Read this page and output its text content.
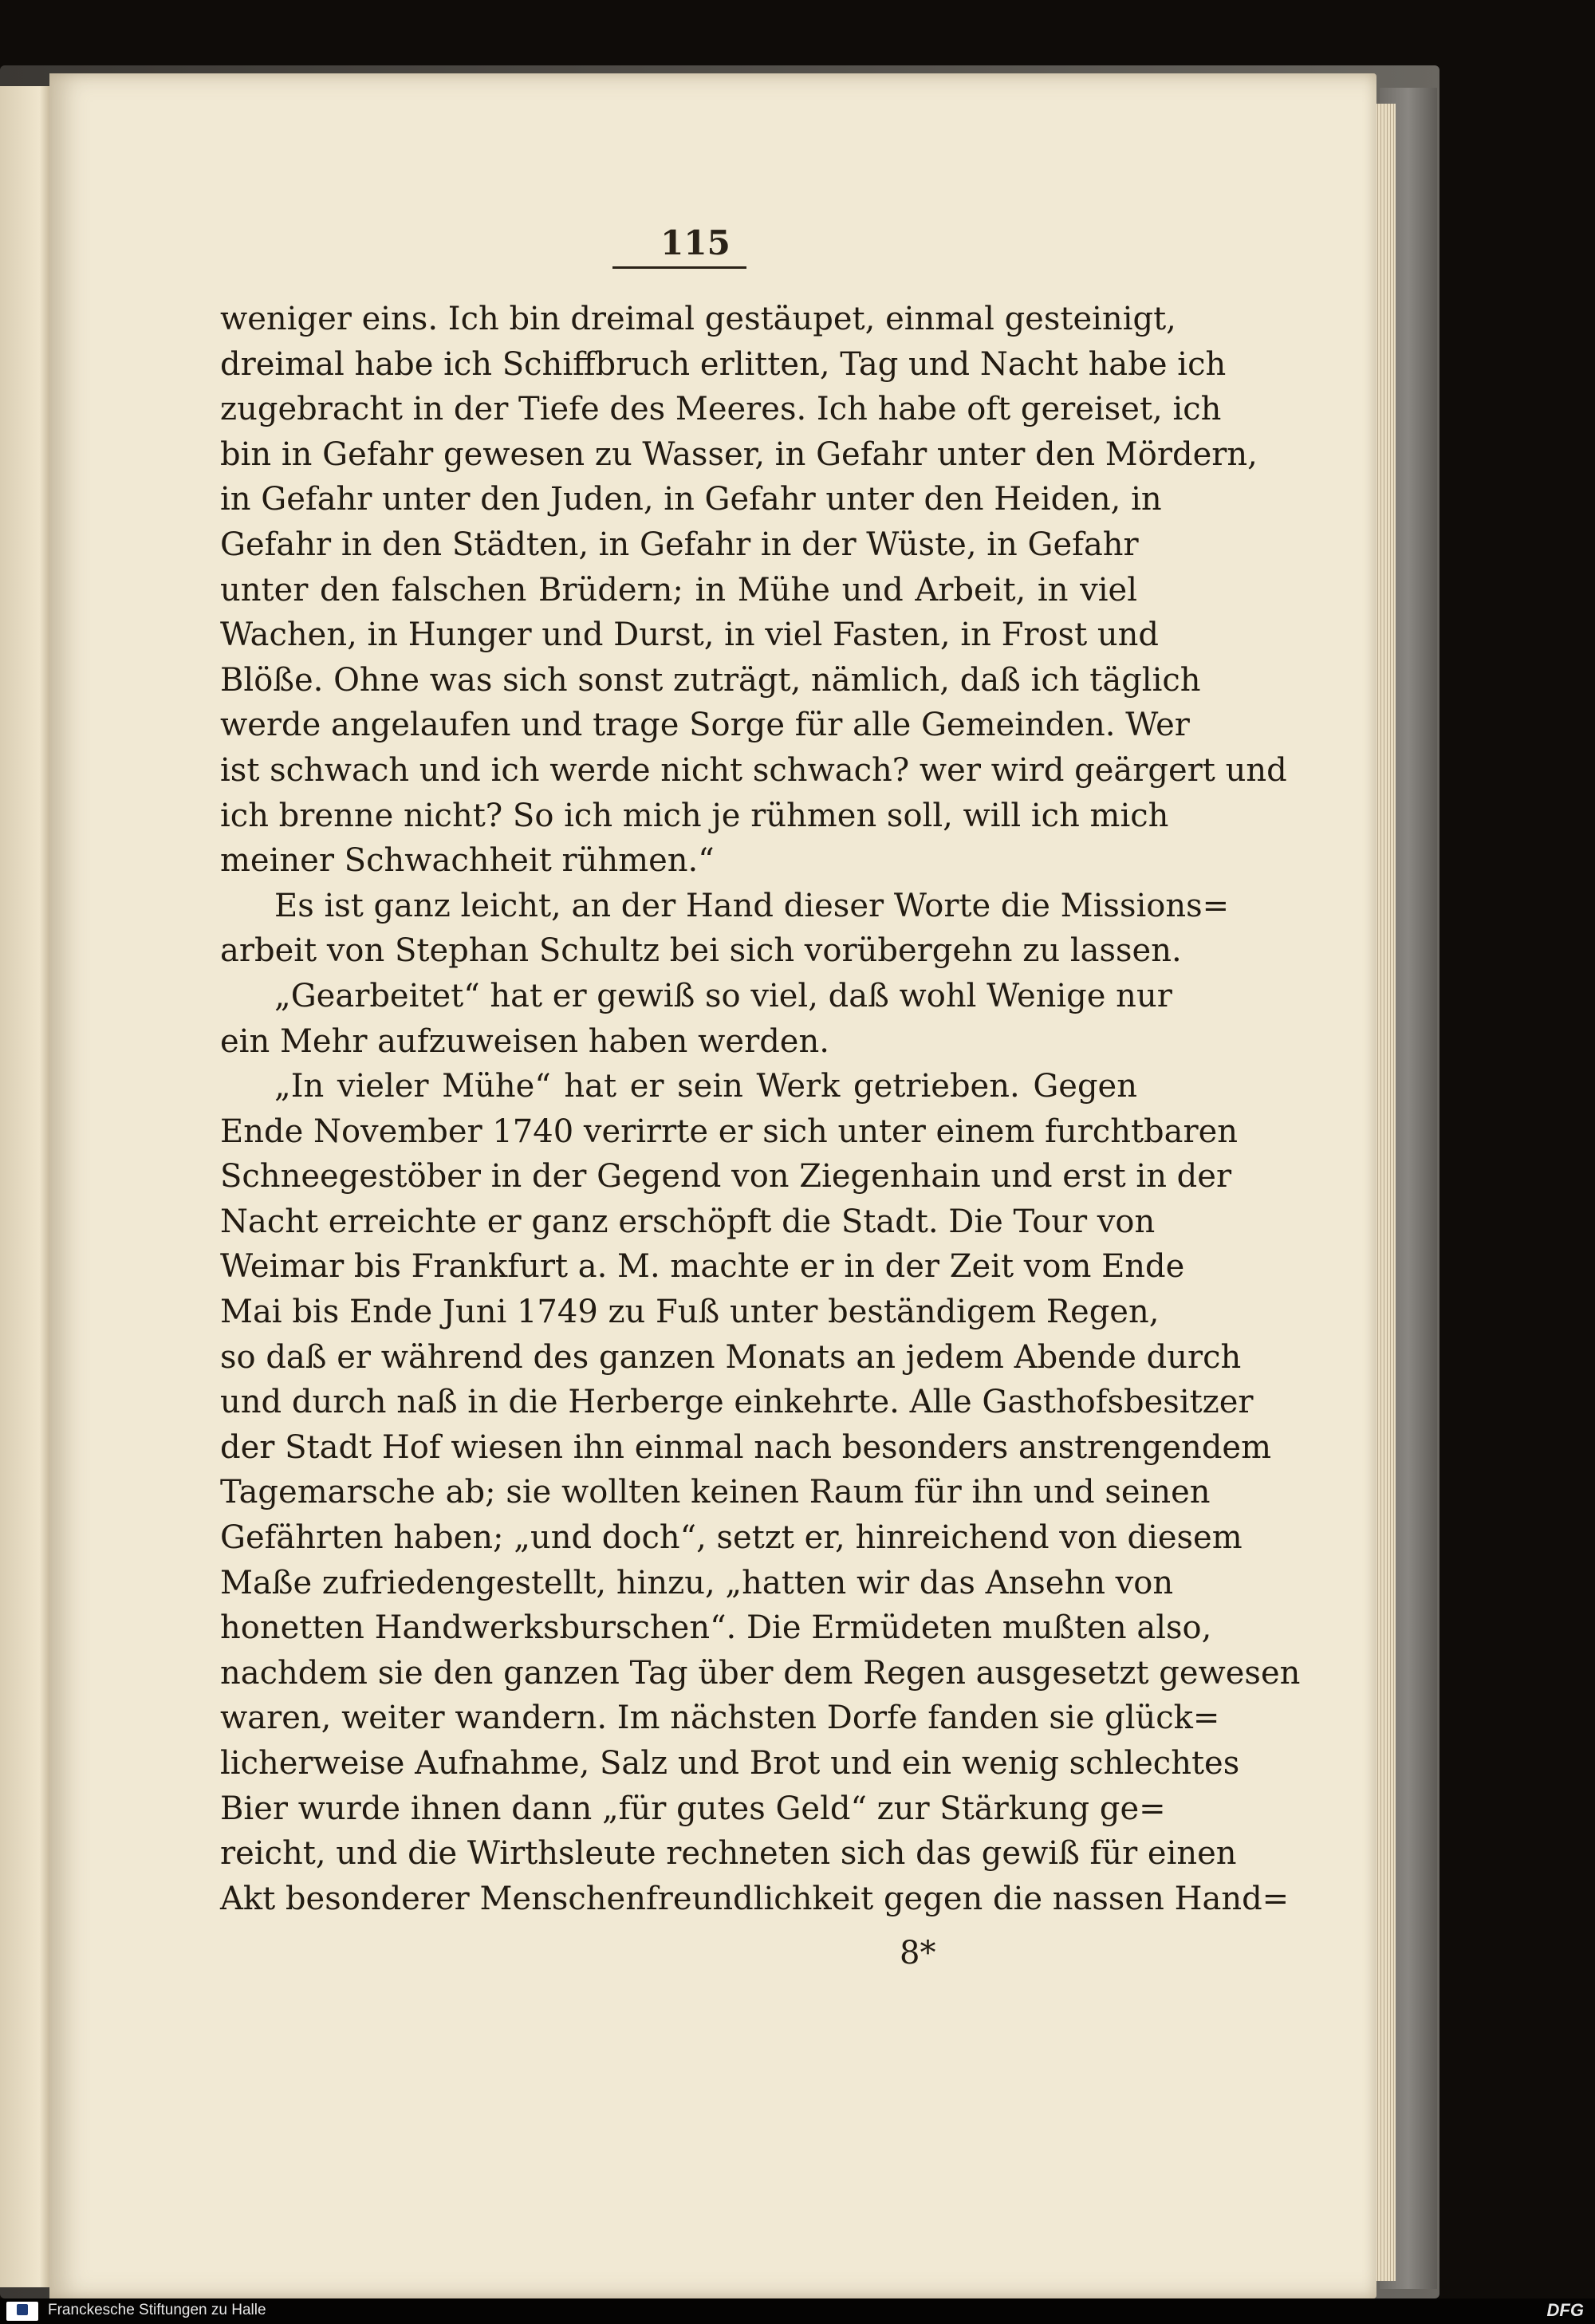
115

weniger eins. Ich bin dreimal gestäupet, einmal gesteinigt,

dreimal habe ich Schiffbruch erlitten, Tag und Nacht habe ich

zugebracht in der Tiefe des Meeres. Ich habe oft gereiset, ich

bin in Gefahr gewesen zu Wasser, in Gefahr unter den Mördern,

in Gefahr unter den Juden, in Gefahr unter den Heiden, in

Gefahr in den Städten, in Gefahr in der Wüste, in Gefahr

unter den falschen Brüdern; in Mühe und Arbeit, in viel

Wachen, in Hunger und Durst, in viel Fasten, in Frost und

Blöße. Ohne was sich sonst zuträgt, nämlich, daß ich täglich

werde angelaufen und trage Sorge für alle Gemeinden. Wer

ist schwach und ich werde nicht schwach? wer wird geärgert und

ich brenne nicht? So ich mich je rühmen soll, will ich mich

meiner Schwachheit rühmen.“

Es ist ganz leicht, an der Hand dieser Worte die Missions=

arbeit von Stephan Schultz bei sich vorübergehn zu lassen.

„Gearbeitet“ hat er gewiß so viel, daß wohl Wenige nur

ein Mehr aufzuweisen haben werden.

„In vieler Mühe“ hat er sein Werk getrieben. Gegen

Ende November 1740 verirrte er sich unter einem furchtbaren

Schneegestöber in der Gegend von Ziegenhain und erst in der

Nacht erreichte er ganz erschöpft die Stadt. Die Tour von

Weimar bis Frankfurt a. M. machte er in der Zeit vom Ende

Mai bis Ende Juni 1749 zu Fuß unter beständigem Regen,

so daß er während des ganzen Monats an jedem Abende durch

und durch naß in die Herberge einkehrte. Alle Gasthofsbesitzer

der Stadt Hof wiesen ihn einmal nach besonders anstrengendem

Tagemarsche ab; sie wollten keinen Raum für ihn und seinen

Gefährten haben; „und doch“, setzt er, hinreichend von diesem

Maße zufriedengestellt, hinzu, „hatten wir das Ansehn von

honetten Handwerksburschen“. Die Ermüdeten mußten also,

nachdem sie den ganzen Tag über dem Regen ausgesetzt gewesen

waren, weiter wandern. Im nächsten Dorfe fanden sie glück=

licherweise Aufnahme, Salz und Brot und ein wenig schlechtes

Bier wurde ihnen dann „für gutes Geld“ zur Stärkung ge=

reicht, und die Wirthsleute rechneten sich das gewiß für einen

Akt besonderer Menschenfreundlichkeit gegen die nassen Hand=

8*
Franckesche Stiftungen zu Halle	DFG
